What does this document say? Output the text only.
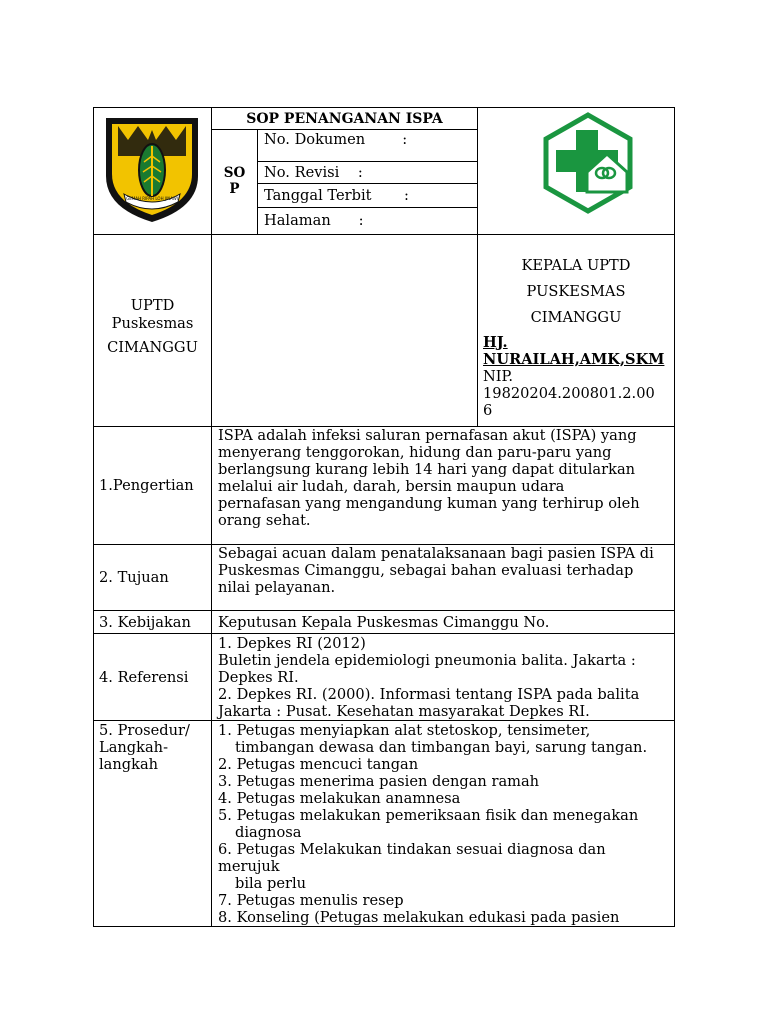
GEMAH RIPAH LOH JINAWI
SOP PENANGANAN ISPA
SO
P
No. Dokumen        :
No. Revisi    :
Tanggal Terbit       :
Halaman      :
UPTD
Puskesmas
CIMANGGU
KEPALA UPTD
PUSKESMAS
CIMANGGU
HJ.
NURAILAH,AMK,SKM
NIP.
19820204.200801.2.00
6
1.Pengertian
ISPA adalah infeksi saluran pernafasan akut (ISPA) yang
menyerang tenggorokan, hidung dan paru-paru yang
berlangsung kurang lebih 14 hari yang dapat ditularkan
melalui air ludah, darah, bersin maupun udara
pernafasan yang mengandung kuman yang terhirup oleh
orang sehat.
2. Tujuan
Sebagai acuan dalam penatalaksanaan bagi pasien ISPA di
Puskesmas Cimanggu, sebagai bahan evaluasi terhadap
nilai pelayanan.
3. Kebijakan Keputusan Kepala Puskesmas Cimanggu No.
4. Referensi
1. Depkes RI (2012)
Buletin jendela epidemiologi pneumonia balita. Jakarta :
Depkes RI.
2. Depkes RI. (2000). Informasi tentang ISPA pada balita
Jakarta : Pusat. Kesehatan masyarakat Depkes RI.
5. Prosedur/
Langkah-
langkah
1. Petugas menyiapkan alat stetoskop, tensimeter,
timbangan dewasa dan timbangan bayi, sarung tangan.
2. Petugas mencuci tangan
3. Petugas menerima pasien dengan ramah
4. Petugas melakukan anamnesa
5. Petugas melakukan pemeriksaan fisik dan menegakan
diagnosa
6. Petugas Melakukan tindakan sesuai diagnosa dan
merujuk
bila perlu
7. Petugas menulis resep
8. Konseling (Petugas melakukan edukasi pada pasien
